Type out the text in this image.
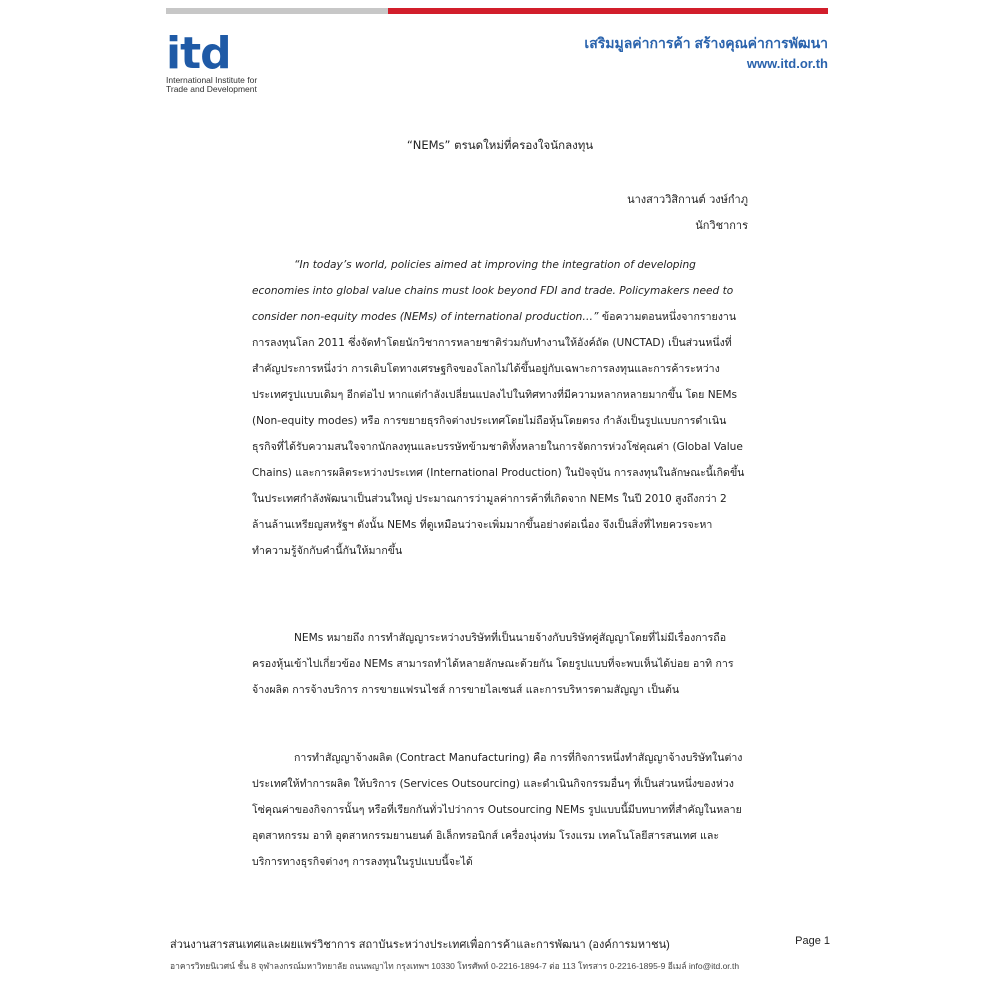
itd
International Institute for
Trade and Development
เสริมมูลค่าการค้า สร้างคุณค่าการพัฒนา
www.itd.or.th
“NEMs” ตรนดใหม่ที่ครองใจนักลงทุน
นางสาววิสิกานต์ วงษ์กำภู
นักวิชาการ
“In today’s world, policies aimed at improving the integration of developing economies into global value chains must look beyond FDI and trade. Policymakers need to consider non-equity modes (NEMs) of international production…” ข้อความตอนหนึ่งจากรายงานการลงทุนโลก 2011 ซึ่งจัดทำโดยนักวิชาการหลายชาติร่วมกับทำงานให้อังค์ถัด (UNCTAD) เป็นส่วนหนึ่งที่สำคัญประการหนึ่งว่า การเติบโตทางเศรษฐกิจของโลกไม่ได้ขึ้นอยู่กับเฉพาะการลงทุนและการค้าระหว่างประเทศรูปแบบเดิมๆ อีกต่อไป หากแต่กำลังเปลี่ยนแปลงไปในทิศทางที่มีความหลากหลายมากขึ้น โดย NEMs (Non-equity modes) หรือ การขยายธุรกิจต่างประเทศโดยไม่ถือหุ้นโดยตรง กำลังเป็นรูปแบบการดำเนินธุรกิจที่ได้รับความสนใจจากนักลงทุนและบรรษัทข้ามชาติทั้งหลายในการจัดการห่วงโซ่คุณค่า (Global Value Chains) และการผลิตระหว่างประเทศ (International Production) ในปัจจุบัน การลงทุนในลักษณะนี้เกิดขึ้นในประเทศกำลังพัฒนาเป็นส่วนใหญ่ ประมาณการว่ามูลค่าการค้าที่เกิดจาก NEMs ในปี 2010 สูงถึงกว่า 2 ล้านล้านเหรียญสหรัฐฯ ดังนั้น NEMs ที่ดูเหมือนว่าจะเพิ่มมากขึ้นอย่างต่อเนื่อง จึงเป็นสิ่งที่ไทยควรจะหาทำความรู้จักกับคำนี้กันให้มากขึ้น
NEMs หมายถึง การทำสัญญาระหว่างบริษัทที่เป็นนายจ้างกับบริษัทคู่สัญญาโดยที่ไม่มีเรื่องการถือครองหุ้นเข้าไปเกี่ยวข้อง NEMs สามารถทำได้หลายลักษณะด้วยกัน โดยรูปแบบที่จะพบเห็นได้บ่อย อาทิ การจ้างผลิต การจ้างบริการ การขายแฟรนไชส์ การขายไลเซนส์ และการบริหารตามสัญญา เป็นต้น
การทำสัญญาจ้างผลิต (Contract Manufacturing) คือ การที่กิจการหนึ่งทำสัญญาจ้างบริษัทในต่างประเทศให้ทำการผลิต ให้บริการ (Services Outsourcing) และดำเนินกิจกรรมอื่นๆ ที่เป็นส่วนหนึ่งของห่วงโซ่คุณค่าของกิจการนั้นๆ หรือที่เรียกกันทั่วไปว่าการ Outsourcing NEMs รูปแบบนี้มีบทบาทที่สำคัญในหลายอุตสาหกรรม อาทิ อุตสาหกรรมยานยนต์ อิเล็กทรอนิกส์ เครื่องนุ่งห่ม โรงแรม เทคโนโลยีสารสนเทศ และบริการทางธุรกิจต่างๆ การลงทุนในรูปแบบนี้จะได้
ส่วนงานสารสนเทศและเผยแพร่วิชาการ สถาบันระหว่างประเทศเพื่อการค้าและการพัฒนา (องค์การมหาชน)	Page 1
อาคารวิทยนิเวศน์ ชั้น 8 จุฬาลงกรณ์มหาวิทยาลัย ถนนพญาไท กรุงเทพฯ 10330 โทรศัพท์ 0-2216-1894-7 ต่อ 113 โทรสาร 0-2216-1895-9 อีเมล์ info@itd.or.th
